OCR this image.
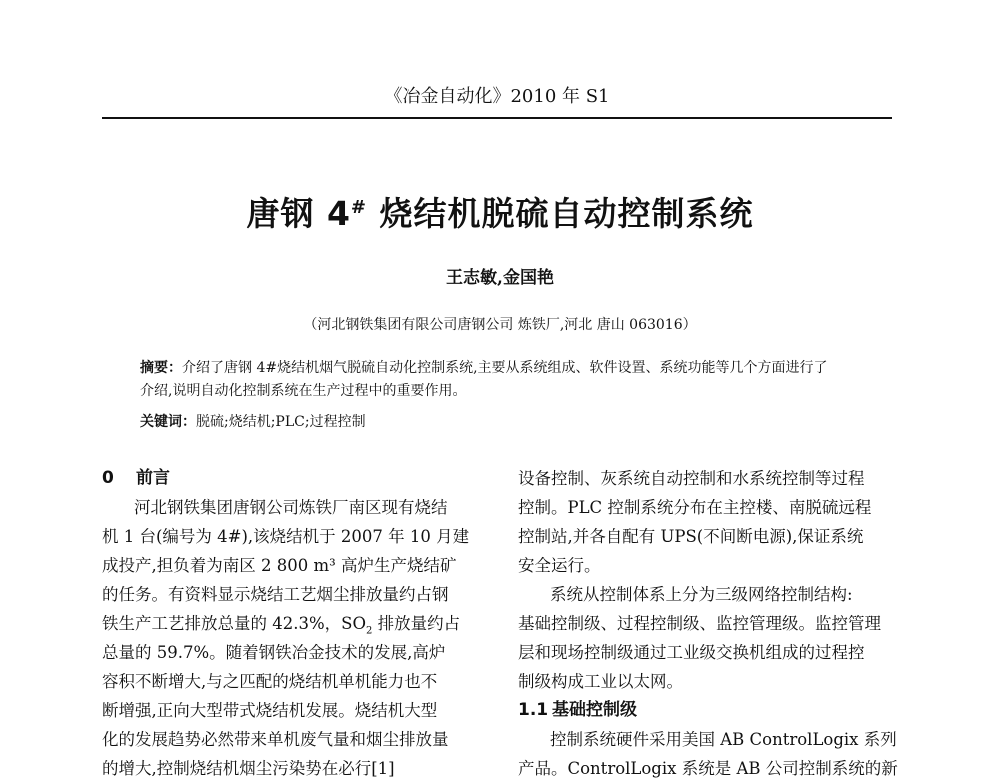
《冶金自动化》2010 年 S1
唐钢 4# 烧结机脱硫自动控制系统
王志敏,金国艳
（河北钢铁集团有限公司唐钢公司 炼铁厂,河北 唐山 063016）
摘要：介绍了唐钢 4#烧结机烟气脱硫自动化控制系统,主要从系统组成、软件设置、系统功能等几个方面进行了
介绍,说明自动化控制系统在生产过程中的重要作用。
关键词：脱硫;烧结机;PLC;过程控制
0 前言
河北钢铁集团唐钢公司炼铁厂南区现有烧结
机 1 台(编号为 4#),该烧结机于 2007 年 10 月建
成投产,担负着为南区 2 800 m³ 高炉生产烧结矿
的任务。有资料显示烧结工艺烟尘排放量约占钢
铁生产工艺排放总量的 42.3%，$SO_2$ 排放量约占
总量的 59.7%。随着钢铁冶金技术的发展,高炉
容积不断增大,与之匹配的烧结机单机能力也不
断增强,正向大型带式烧结机发展。烧结机大型
化的发展趋势必然带来单机废气量和烟尘排放量
的增大,控制烧结机烟尘污染势在必行[1]
设备控制、灰系统自动控制和水系统控制等过程
控制。PLC 控制系统分布在主控楼、南脱硫远程
控制站,并各自配有 UPS(不间断电源),保证系统
安全运行。
系统从控制体系上分为三级网络控制结构:
基础控制级、过程控制级、监控管理级。监控管理
层和现场控制级通过工业级交换机组成的过程控
制级构成工业以太网。
1.1 基础控制级
控制系统硬件采用美国 AB ControlLogix 系列
产品。ControlLogix 系统是 AB 公司控制系统的新
